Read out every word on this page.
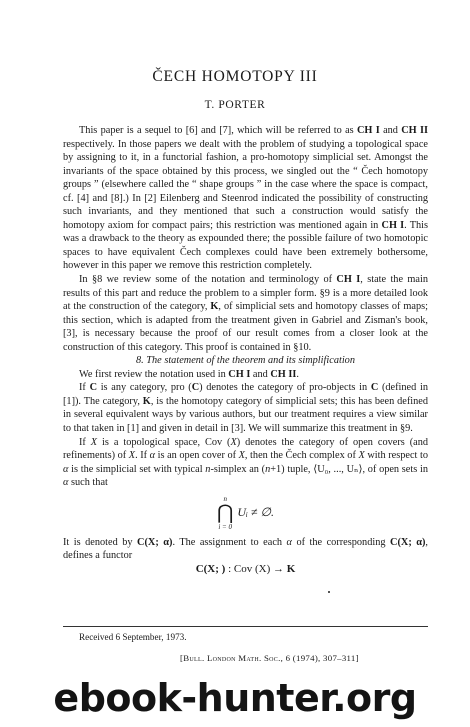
ČECH HOMOTOPY III
T. PORTER

This paper is a sequel to [6] and [7], which will be referred to as CH I and CH II respectively. In those papers we dealt with the problem of studying a topological space by assigning to it, in a functorial fashion, a pro-homotopy simplicial set. Amongst the invariants of the space obtained by this process, we singled out the “ Čech homotopy groups ” (elsewhere called the “ shape groups ” in the case where the space is compact, cf. [4] and [8].) In [2] Eilenberg and Steenrod indicated the possibility of constructing such invariants, and they mentioned that such a construction would satisfy the homotopy axiom for compact pairs; this restriction was mentioned again in CH I. This was a drawback to the theory as expounded there; the possible failure of two homotopic spaces to have equivalent Čech complexes could have been extremely bothersome, however in this paper we remove this restriction completely.

In §8 we review some of the notation and terminology of CH I, state the main results of this part and reduce the problem to a simpler form. §9 is a more detailed look at the construction of the category, K, of simplicial sets and homotopy classes of maps; this section, which is adapted from the treatment given in Gabriel and Zisman's book, [3], is necessary because the proof of our result comes from a closer look at the construction of this category. This proof is contained in §10.

8. The statement of the theorem and its simplification

We first review the notation used in CH I and CH II.

If C is any category, pro (C) denotes the category of pro-objects in C (defined in [1]). The category, K, is the homotopy category of simplicial sets; this has been defined in several equivalent ways by various authors, but our treatment requires a view similar to that taken in [1] and given in detail in [3]. We will summarize this treatment in §9.

If X is a topological space, Cov (X) denotes the category of open covers (and refinements) of X. If α is an open cover of X, then the Čech complex of X with respect to α is the simplicial set with typical n-simplex an (n+1) tuple, ⟨U₀, ..., Uₙ⟩, of open sets in α such that

n
⋂
i = 0
Uᵢ ≠ ∅.

It is denoted by C(X; α). The assignment to each α of the corresponding C(X; α), defines a functor

C(X; ) : Cov (X) → K

Received 6 September, 1973.
[Bull. London Math. Soc., 6 (1974), 307–311]
ebook-hunter.org
